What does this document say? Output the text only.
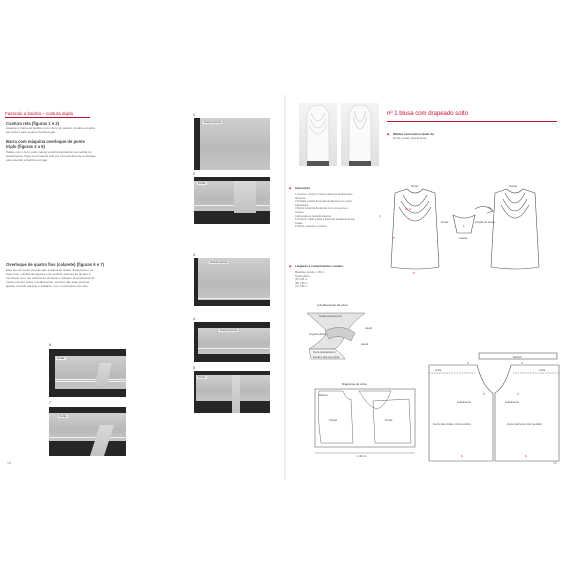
Fazendo a bainha – costura dupla
Costura reta (figuras 1 e 2)
Assente a dobra da bainha com o ferro de passar. Costure a borda da costura para segurar bainha lugar.
Barra com máquina overloque de ponto triplo (figuras 3 a 5)
Passe com o ferro para marcar a dobra da bainha na medida do acabamento. Faça uma costura reta por cima da área de overloque para prender a bainha no lugar.
Overloque de quatro fios (colarete) (figuras 6 e 7)
Este tipo de ponto permite que a dobra do tecido novamente e no lugar com o dobra da lugares e de vértices para da fio de que a overloque com. Se costura da primeira 4 margem preposicional ao mesmo tempo sobre o acabamento, embora não seja possível ajustar o tecido durante o trabalho, com o overloque com são.
6
Frente
7
Frente
1
Avesso (verso)
2
Frente
3
Avesso (verso)
4
Avesso (verso)
5
Frente
14
nº 1 blusa com drapeado solto
◆ Moldes necessários (lado A):
Frente, costas, gola da blusa.
◆ Instruções
1 Costure o ombro e faça a dobra do acabamento da frente.
2 Finalize a barra de tecido da abertura em ponto ziguezague.
3 Dobre a bainha de decote com uma perna e costure.
4 Arremate as costuras laterais.
5 Costure o lado e faça a dobra do acabamento das costas.
6 Dobre a bainha e costure.
◆ Larguras e comprimentos usados
Materiais: tecido e 1,80 m
Tecido plano
(P) 1,80 m
(M) 1,80 m
(G) 1,80 m
4
2 • 3
5
6
1
Frente	Costas
Frente	Junção do centro
Lateral
4 Acabamento da cava
Costas (avesso/verso)
Lateral
Lingueta (direito)
Frente (avesso/verso)
Prenda o viés sem esticar
Lateral
Diagrama de corte
Debrum
Costas	Frente
1,40 cm
2	2
5	3
6	6
Debrum
Linha	Linha
Acabamento	Acabamento
Centro das costas, corte na dobra	Centro da frente corte na dobra
15
